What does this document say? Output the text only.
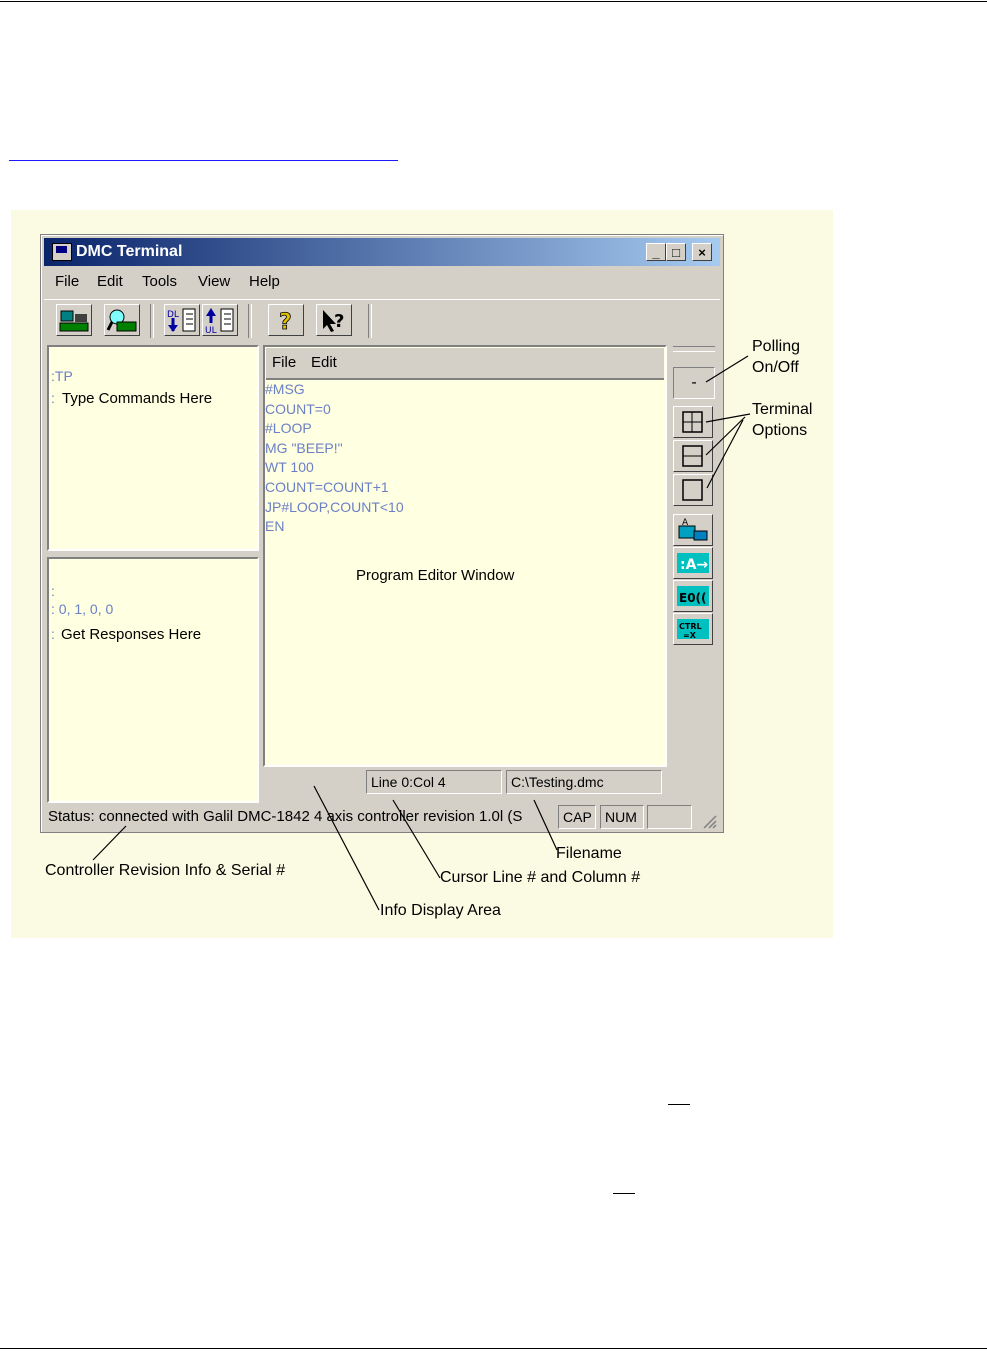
DMC Terminal	_ □	×
File Edit Tools View Help
DL
UL	? ?
:TP
: Type Commands Here
:
: 0, 1, 0, 0
: Get Responses Here
File Edit
#MSG
COUNT=0
#LOOP
MG "BEEP!"
WT 100
COUNT=COUNT+1
JP#LOOP,COUNT<10
EN
Program Editor Window
Line 0:Col 4	C:\Testing.dmc
Status: connected with Galil DMC-1842 4 axis controller revision 1.0l (S	CAP NUM
-
A
:A→
E0((
CTRL
=X
Polling
On/Off
Terminal
Options
Filename
Controller Revision Info & Serial #	Cursor Line # and Column #
Info Display Area
